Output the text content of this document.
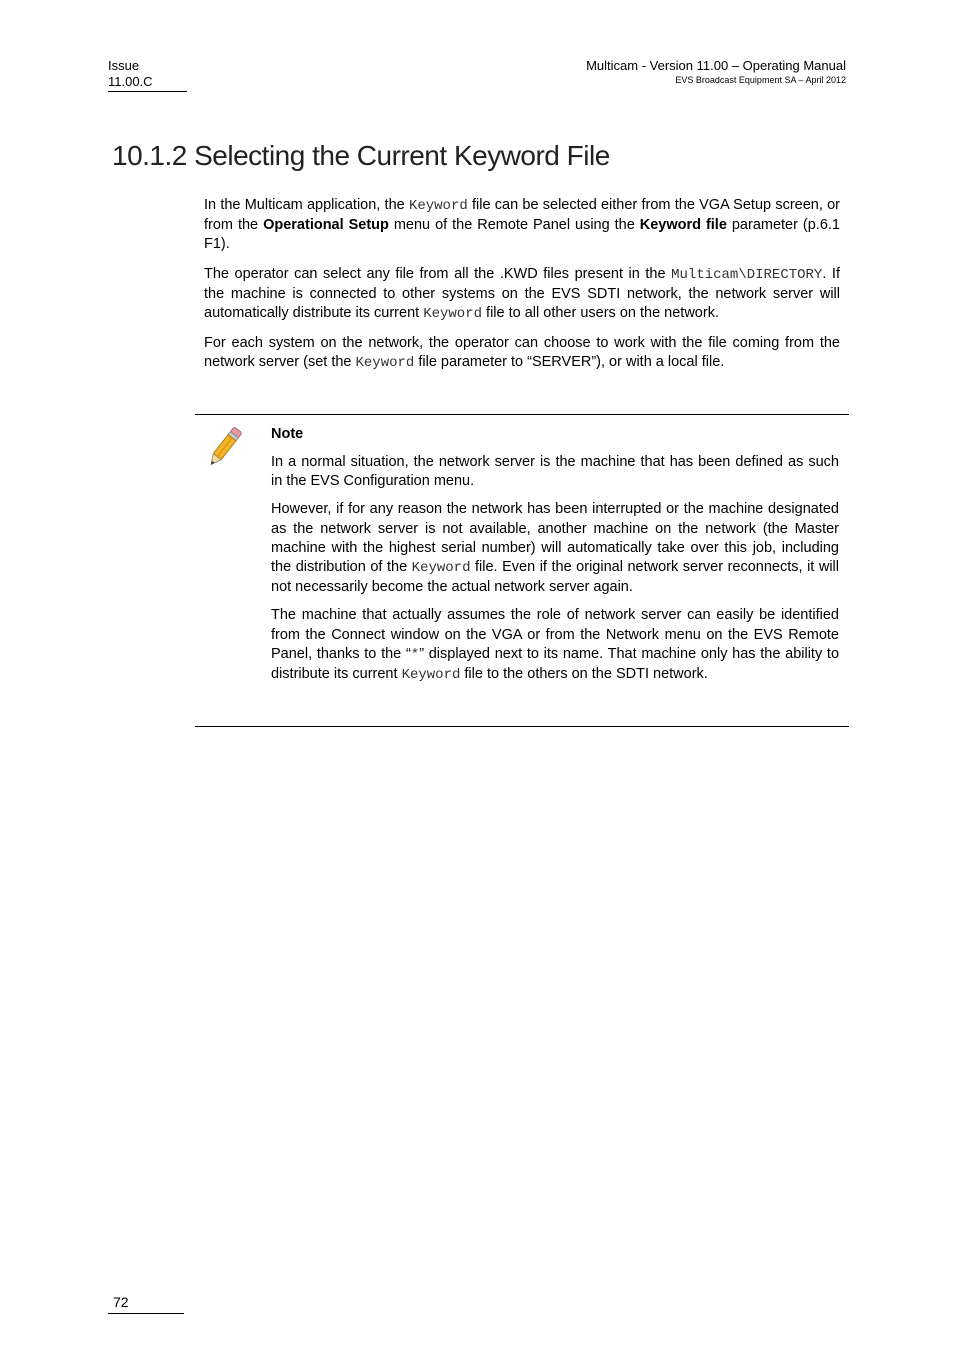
Issue
11.00.C
Multicam - Version 11.00 – Operating Manual
EVS Broadcast Equipment SA – April 2012
10.1.2 Selecting the Current Keyword File

In the Multicam application, the Keyword file can be selected either from the VGA Setup screen, or from the Operational Setup menu of the Remote Panel using the Keyword file parameter (p.6.1 F1).

The operator can select any file from all the .KWD files present in the Multicam\DIRECTORY. If the machine is connected to other systems on the EVS SDTI network, the network server will automatically distribute its current Keyword file to all other users on the network.

For each system on the network, the operator can choose to work with the file coming from the network server (set the Keyword file parameter to “SERVER”), or with a local file.

Note

In a normal situation, the network server is the machine that has been defined as such in the EVS Configuration menu.

However, if for any reason the network has been interrupted or the machine designated as the network server is not available, another machine on the network (the Master machine with the highest serial number) will automatically take over this job, including the distribution of the Keyword file. Even if the original network server reconnects, it will not necessarily become the actual network server again.

The machine that actually assumes the role of network server can easily be identified from the Connect window on the VGA or from the Network menu on the EVS Remote Panel, thanks to the “*” displayed next to its name. That machine only has the ability to distribute its current Keyword file to the others on the SDTI network.

72
